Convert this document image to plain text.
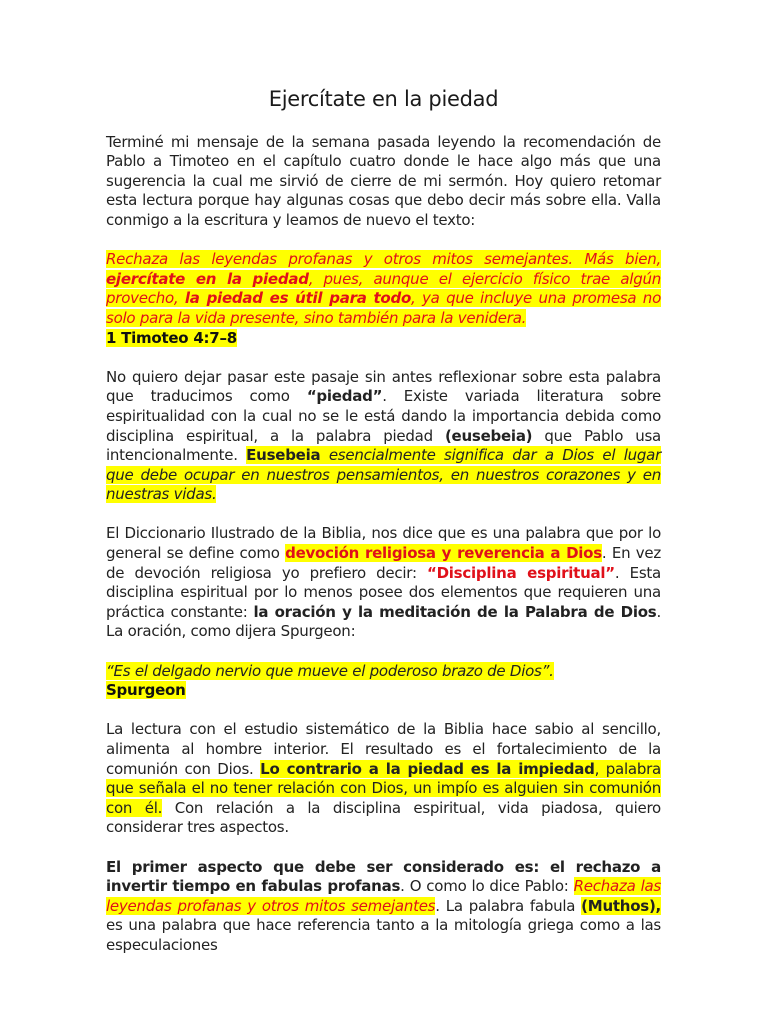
Ejercítate en la piedad

Terminé mi mensaje de la semana pasada leyendo la recomendación de Pablo a Timoteo en el capítulo cuatro donde le hace algo más que una sugerencia la cual me sirvió de cierre de mi sermón. Hoy quiero retomar esta lectura porque hay algunas cosas que debo decir más sobre ella. Valla conmigo a la escritura y leamos de nuevo el texto:

Rechaza las leyendas profanas y otros mitos semejantes. Más bien, ejercítate en la piedad, pues, aunque el ejercicio físico trae algún provecho, la piedad es útil para todo, ya que incluye una promesa no solo para la vida presente, sino también para la venidera.

1 Timoteo 4:7–8

No quiero dejar pasar este pasaje sin antes reflexionar sobre esta palabra que traducimos como “piedad”. Existe variada literatura sobre espiritualidad con la cual no se le está dando la importancia debida como disciplina espiritual, a la palabra piedad (eusebeia) que Pablo usa intencionalmente. Eusebeia esencialmente significa dar a Dios el lugar que debe ocupar en nuestros pensamientos, en nuestros corazones y en nuestras vidas.

El Diccionario Ilustrado de la Biblia, nos dice que es una palabra que por lo general se define como devoción religiosa y reverencia a Dios. En vez de devoción religiosa yo prefiero decir: “Disciplina espiritual”. Esta disciplina espiritual por lo menos posee dos elementos que requieren una práctica constante: la oración y la meditación de la Palabra de Dios. La oración, como dijera Spurgeon:

“Es el delgado nervio que mueve el poderoso brazo de Dios”.

Spurgeon

La lectura con el estudio sistemático de la Biblia hace sabio al sencillo, alimenta al hombre interior. El resultado es el fortalecimiento de la comunión con Dios. Lo contrario a la piedad es la impiedad, palabra que señala el no tener relación con Dios, un impío es alguien sin comunión con él. Con relación a la disciplina espiritual, vida piadosa, quiero considerar tres aspectos.

El primer aspecto que debe ser considerado es: el rechazo a invertir tiempo en fabulas profanas. O como lo dice Pablo: Rechaza las leyendas profanas y otros mitos semejantes. La palabra fabula (Muthos), es una palabra que hace referencia tanto a la mitología griega como a las especulaciones
